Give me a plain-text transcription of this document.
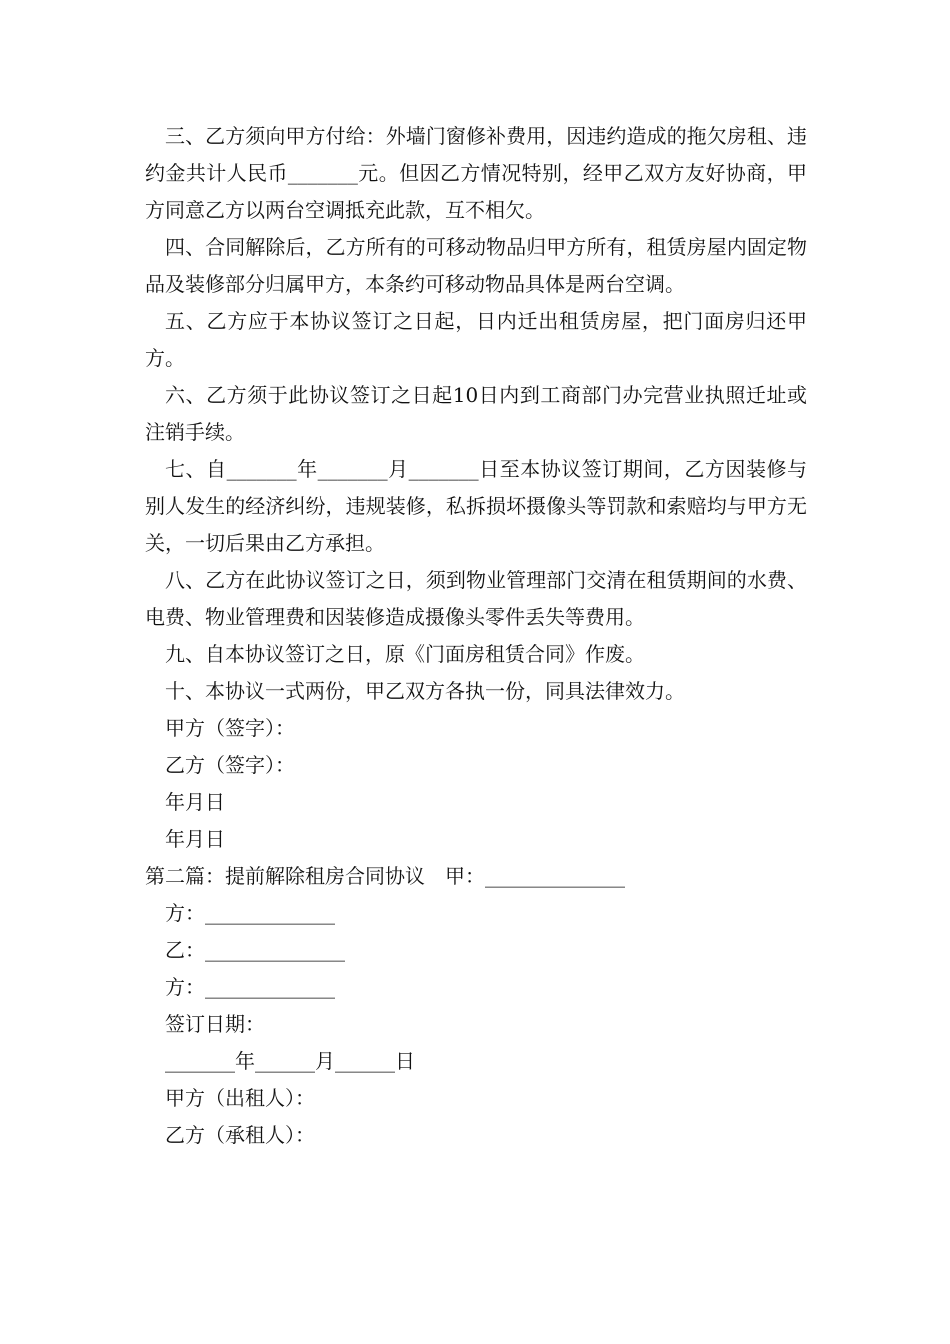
三、乙方须向甲方付给：外墙门窗修补费用，因违约造成的拖欠房租、违约金共计人民币_______元。但因乙方情况特别，经甲乙双方友好协商，甲方同意乙方以两台空调抵充此款，互不相欠。

四、合同解除后，乙方所有的可移动物品归甲方所有，租赁房屋内固定物品及装修部分归属甲方，本条约可移动物品具体是两台空调。

五、乙方应于本协议签订之日起，日内迁出租赁房屋，把门面房归还甲方。

六、乙方须于此协议签订之日起10日内到工商部门办完营业执照迁址或注销手续。

七、自_______年_______月_______日至本协议签订期间，乙方因装修与别人发生的经济纠纷，违规装修，私拆损坏摄像头等罚款和索赔均与甲方无关，一切后果由乙方承担。

八、乙方在此协议签订之日，须到物业管理部门交清在租赁期间的水费、电费、物业管理费和因装修造成摄像头零件丢失等费用。

九、自本协议签订之日，原《门面房租赁合同》作废。

十、本协议一式两份，甲乙双方各执一份，同具法律效力。

甲方（签字）：

乙方（签字）：

年月日

年月日

第二篇：提前解除租房合同协议　甲：______________

方：_____________

乙：______________

方：_____________

签订日期：

_______年______月______日

甲方（出租人）：

乙方（承租人）：
